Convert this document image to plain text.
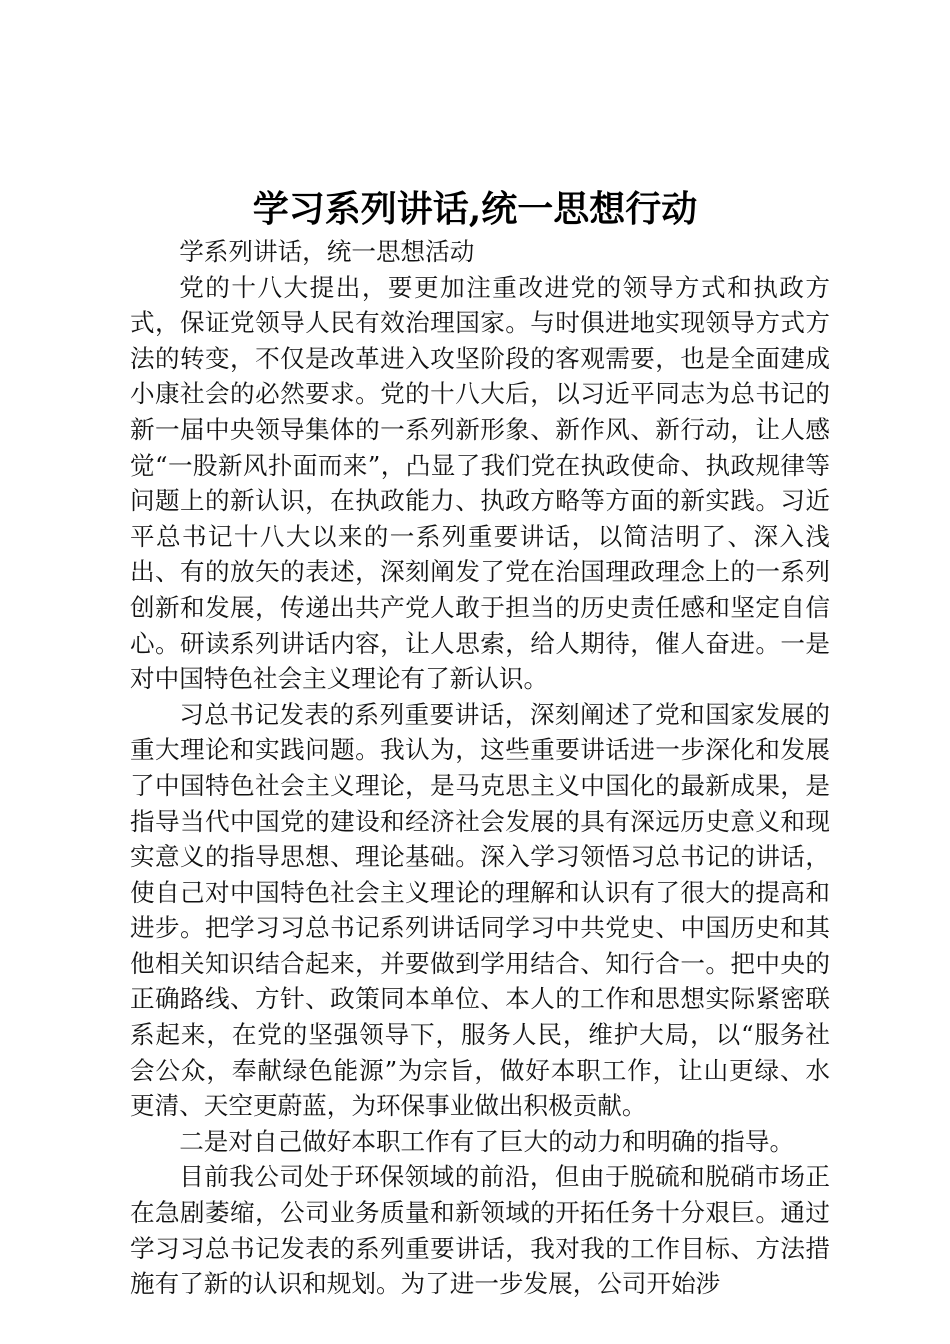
学习系列讲话,统一思想行动

学系列讲话，统一思想活动

党的十八大提出，要更加注重改进党的领导方式和执政方式，保证党领导人民有效治理国家。与时俱进地实现领导方式方法的转变，不仅是改革进入攻坚阶段的客观需要，也是全面建成小康社会的必然要求。党的十八大后，以习近平同志为总书记的新一届中央领导集体的一系列新形象、新作风、新行动，让人感觉“一股新风扑面而来”，凸显了我们党在执政使命、执政规律等问题上的新认识，在执政能力、执政方略等方面的新实践。习近平总书记十八大以来的一系列重要讲话，以简洁明了、深入浅出、有的放矢的表述，深刻阐发了党在治国理政理念上的一系列创新和发展，传递出共产党人敢于担当的历史责任感和坚定自信心。研读系列讲话内容，让人思索，给人期待，催人奋进。一是对中国特色社会主义理论有了新认识。

习总书记发表的系列重要讲话，深刻阐述了党和国家发展的重大理论和实践问题。我认为，这些重要讲话进一步深化和发展了中国特色社会主义理论，是马克思主义中国化的最新成果，是指导当代中国党的建设和经济社会发展的具有深远历史意义和现实意义的指导思想、理论基础。深入学习领悟习总书记的讲话，使自己对中国特色社会主义理论的理解和认识有了很大的提高和进步。把学习习总书记系列讲话同学习中共党史、中国历史和其他相关知识结合起来，并要做到学用结合、知行合一。把中央的正确路线、方针、政策同本单位、本人的工作和思想实际紧密联系起来，在党的坚强领导下，服务人民，维护大局，以“服务社会公众，奉献绿色能源”为宗旨，做好本职工作，让山更绿、水更清、天空更蔚蓝，为环保事业做出积极贡献。

二是对自己做好本职工作有了巨大的动力和明确的指导。

目前我公司处于环保领域的前沿，但由于脱硫和脱硝市场正在急剧萎缩，公司业务质量和新领域的开拓任务十分艰巨。通过学习习总书记发表的系列重要讲话，我对我的工作目标、方法措施有了新的认识和规划。为了进一步发展，公司开始涉
